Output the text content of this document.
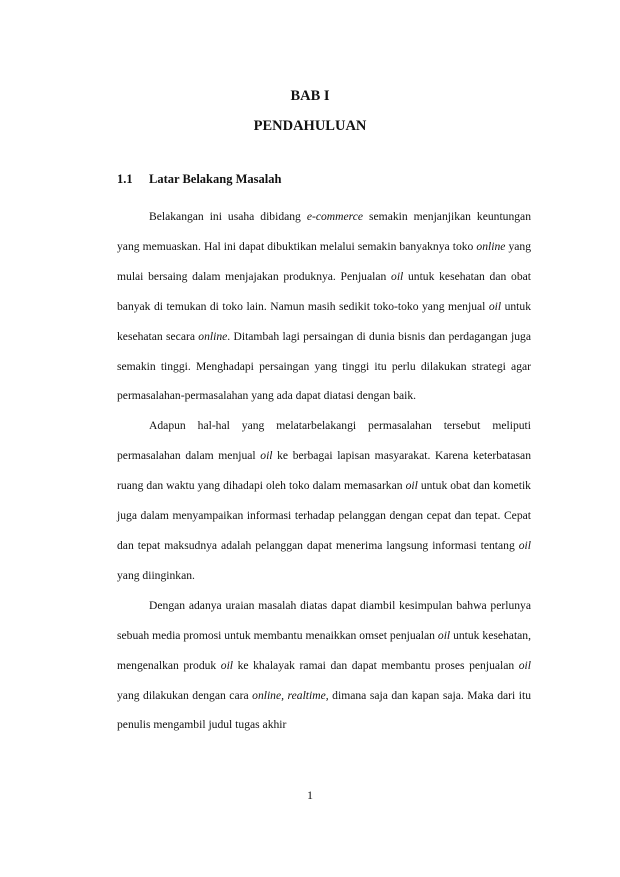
BAB I
PENDAHULUAN
1.1 Latar Belakang Masalah

Belakangan ini usaha dibidang e-commerce semakin menjanjikan keuntungan yang memuaskan. Hal ini dapat dibuktikan melalui semakin banyaknya toko online yang mulai bersaing dalam menjajakan produknya. Penjualan oil untuk kesehatan dan obat banyak di temukan di toko lain. Namun masih sedikit toko-toko yang menjual oil untuk kesehatan secara online. Ditambah lagi persaingan di dunia bisnis dan perdagangan juga semakin tinggi. Menghadapi persaingan yang tinggi itu perlu dilakukan strategi agar permasalahan-permasalahan yang ada dapat diatasi dengan baik.

Adapun hal-hal yang melatarbelakangi permasalahan tersebut meliputi permasalahan dalam menjual oil ke berbagai lapisan masyarakat. Karena keterbatasan ruang dan waktu yang dihadapi oleh toko dalam memasarkan oil untuk obat dan kometik juga dalam menyampaikan informasi terhadap pelanggan dengan cepat dan tepat. Cepat dan tepat maksudnya adalah pelanggan dapat menerima langsung informasi tentang oil yang diinginkan.

Dengan adanya uraian masalah diatas dapat diambil kesimpulan bahwa perlunya sebuah media promosi untuk membantu menaikkan omset penjualan oil untuk kesehatan, mengenalkan produk oil ke khalayak ramai dan dapat membantu proses penjualan oil yang dilakukan dengan cara online, realtime, dimana saja dan kapan saja. Maka dari itu penulis mengambil judul tugas akhir

1
